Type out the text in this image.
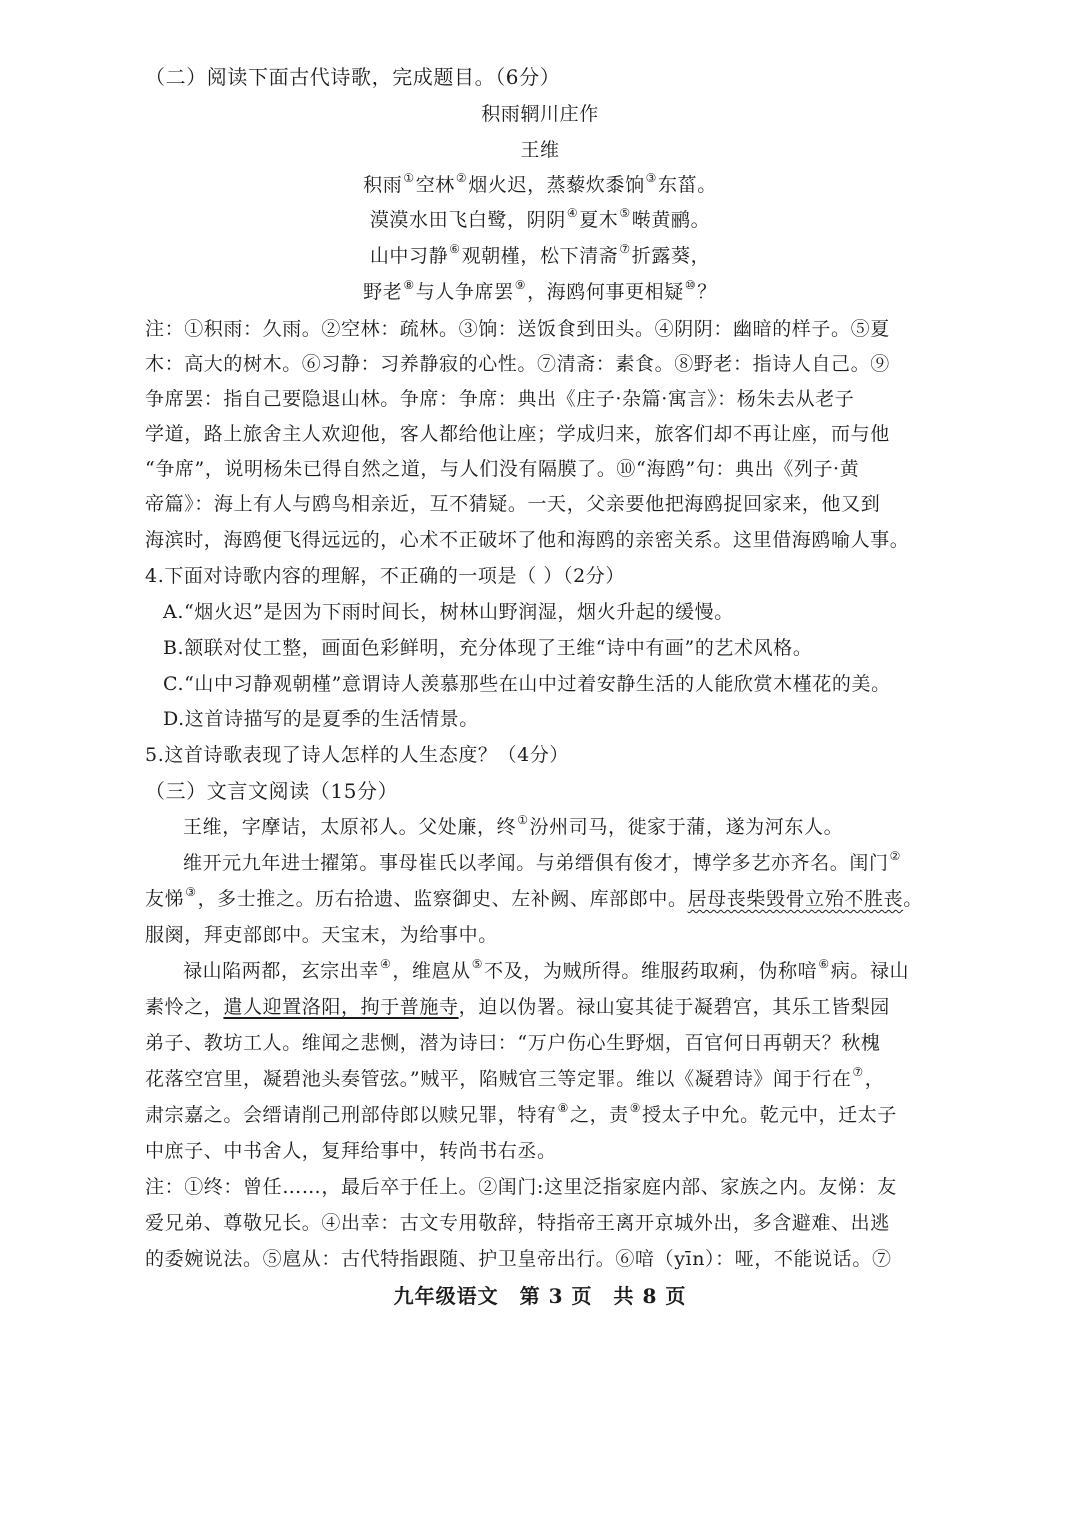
（二）阅读下面古代诗歌，完成题目。（6分）

积雨辋川庄作

王维

积雨①空林②烟火迟，蒸藜炊黍饷③东菑。

漠漠水田飞白鹭，阴阴④夏木⑤啭黄鹂。

山中习静⑥观朝槿，松下清斋⑦折露葵，

野老⑧与人争席罢⑨，海鸥何事更相疑⑩？

注：①积雨：久雨。②空林：疏林。③饷：送饭食到田头。④阴阴：幽暗的样子。⑤夏

木：高大的树木。⑥习静：习养静寂的心性。⑦清斋：素食。⑧野老：指诗人自己。⑨

争席罢：指自己要隐退山林。争席：争席：典出《庄子·杂篇·寓言》：杨朱去从老子

学道，路上旅舍主人欢迎他，客人都给他让座；学成归来，旅客们却不再让座，而与他

“争席”，说明杨朱已得自然之道，与人们没有隔膜了。⑩“海鸥”句：典出《列子·黄

帝篇》：海上有人与鸥鸟相亲近，互不猜疑。一天，父亲要他把海鸥捉回家来，他又到

海滨时，海鸥便飞得远远的，心术不正破坏了他和海鸥的亲密关系。这里借海鸥喻人事。

4.下面对诗歌内容的理解，不正确的一项是（ ）（2分）

A.“烟火迟”是因为下雨时间长，树林山野润湿，烟火升起的缓慢。

B.颔联对仗工整，画面色彩鲜明，充分体现了王维“诗中有画”的艺术风格。

C.“山中习静观朝槿”意谓诗人羡慕那些在山中过着安静生活的人能欣赏木槿花的美。

D.这首诗描写的是夏季的生活情景。

5.这首诗歌表现了诗人怎样的人生态度？（4分）

（三）文言文阅读（15分）

王维，字摩诘，太原祁人。父处廉，终①汾州司马，徙家于蒲，遂为河东人。

维开元九年进士擢第。事母崔氏以孝闻。与弟缙俱有俊才，博学多艺亦齐名。闺门②

友悌③，多士推之。历右拾遗、监察御史、左补阙、库部郎中。居母丧柴毁骨立殆不胜丧。

服阕，拜吏部郎中。天宝末，为给事中。

禄山陷两都，玄宗出幸④，维扈从⑤不及，为贼所得。维服药取痢，伪称喑⑥病。禄山

素怜之，遣人迎置洛阳，拘于普施寺，迫以伪署。禄山宴其徒于凝碧宫，其乐工皆梨园

弟子、教坊工人。维闻之悲恻，潜为诗曰：“万户伤心生野烟，百官何日再朝天？秋槐

花落空宫里，凝碧池头奏管弦。”贼平，陷贼官三等定罪。维以《凝碧诗》闻于行在⑦，

肃宗嘉之。会缙请削己刑部侍郎以赎兄罪，特宥⑧之，责⑨授太子中允。乾元中，迁太子

中庶子、中书舍人，复拜给事中，转尚书右丞。

注：①终：曾任……，最后卒于任上。②闺门:这里泛指家庭内部、家族之内。友悌：友

爱兄弟、尊敬兄长。④出幸：古文专用敬辞，特指帝王离开京城外出，多含避难、出逃

的委婉说法。⑤扈从：古代特指跟随、护卫皇帝出行。⑥喑（yīn）：哑，不能说话。⑦

九年级语文　第 3 页　共 8 页
